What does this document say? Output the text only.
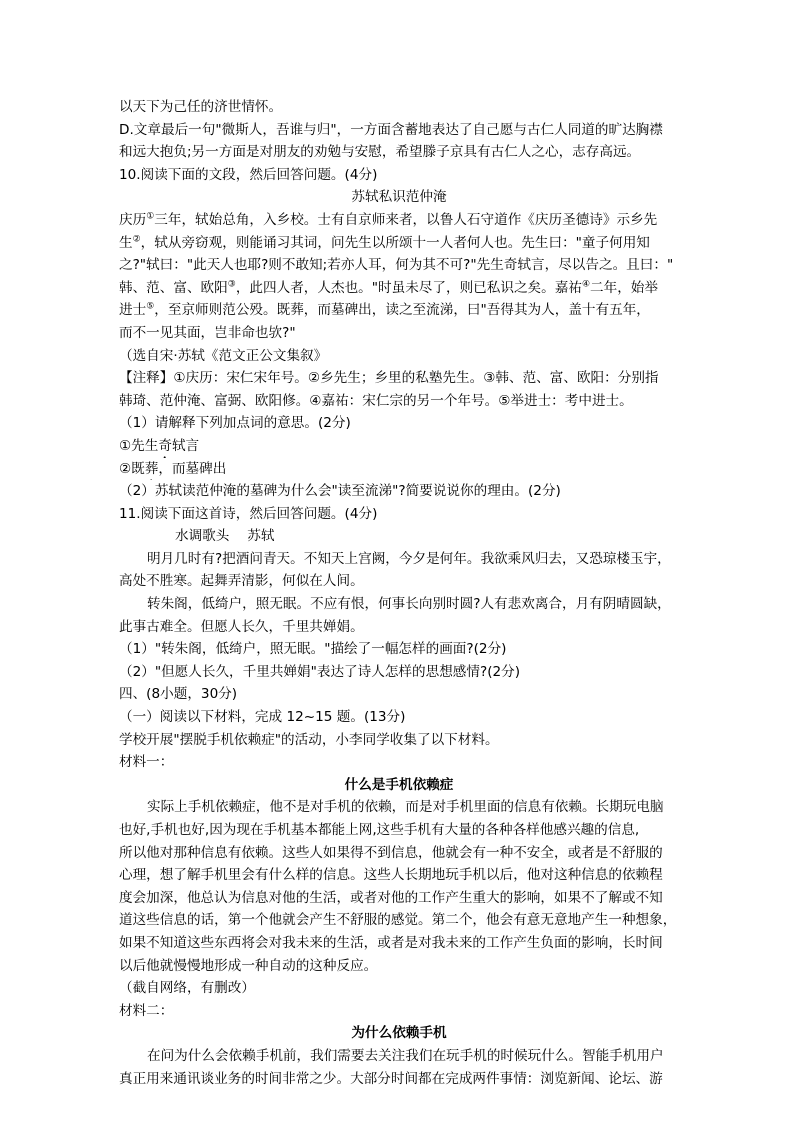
以天下为己任的济世情怀。
D.文章最后一句"微斯人，吾谁与归"，一方面含蓄地表达了自己愿与古仁人同道的旷达胸襟
和远大抱负;另一方面是对朋友的劝勉与安慰，希望滕子京具有古仁人之心，志存高远。
10.阅读下面的文段，然后回答问题。(4分)
苏轼私识范仲淹
庆历①三年，轼始总角，入乡校。士有自京师来者，以鲁人石守道作《庆历圣德诗》示乡先
生②，轼从旁窃观，则能诵习其词，问先生以所颂十一人者何人也。先生曰："童子何用知
之?"轼曰："此天人也耶?则不敢知;若亦人耳，何为其不可?"先生奇轼言，尽以告之。且曰："
韩、范、富、欧阳③，此四人者，人杰也。"时虽未尽了，则已私识之矣。嘉祐④二年，始举
进士⑤，至京师则范公殁。既葬，而墓碑出，读之至流涕，曰"吾得其为人，盖十有五年，
而不一见其面，岂非命也欤?"
（选自宋·苏轼《范文正公文集叙》
【注释】①庆历：宋仁宋年号。②乡先生；乡里的私塾先生。③韩、范、富、欧阳：分别指
韩琦、范仲淹、富弼、欧阳修。④嘉祐：宋仁宗的另一个年号。⑤举进士：考中进士。
（1）请解释下列加点词的意思。(2分)
①先生奇轼言
②既葬，而墓碑出
（2）苏轼读范仲淹的墓碑为什么会"读至流涕"?简要说说你的理由。(2分)
11.阅读下面这首诗，然后回答问题。(4分)
水调歌头　 苏轼
明月几时有?把酒问青天。不知天上宫阙，今夕是何年。我欲乘风归去，又恐琼楼玉宇，
高处不胜寒。起舞弄清影，何似在人间。
转朱阁，低绮户，照无眠。不应有恨，何事长向别时圆?人有悲欢离合，月有阴晴圆缺，
此事古难全。但愿人长久，千里共婵娟。
（1）"转朱阁，低绮户，照无眠。"描绘了一幅怎样的画面?(2分)
（2）"但愿人长久，千里共婵娟"表达了诗人怎样的思想感情?(2分)
四、(8小题，30分)
（一）阅读以下材料，完成 12~15 题。(13分)
学校开展"摆脱手机依赖症"的活动，小李同学收集了以下材料。
材料一：
什么是手机依赖症
实际上手机依赖症，他不是对手机的依赖，而是对手机里面的信息有依赖。长期玩电脑
也好,手机也好,因为现在手机基本都能上网,这些手机有大量的各种各样他感兴趣的信息,
所以他对那种信息有依赖。这些人如果得不到信息，他就会有一种不安全，或者是不舒服的
心理，想了解手机里会有什么样的信息。这些人长期地玩手机以后，他对这种信息的依赖程
度会加深，他总认为信息对他的生活，或者对他的工作产生重大的影响，如果不了解或不知
道这些信息的话，第一个他就会产生不舒服的感觉。第二个，他会有意无意地产生一种想象，
如果不知道这些东西将会对我未来的生活，或者是对我未来的工作产生负面的影响，长时间
以后他就慢慢地形成一种自动的这种反应。
（截自网络，有删改）
材料二：
为什么依赖手机
在问为什么会依赖手机前，我们需要去关注我们在玩手机的时候玩什么。智能手机用户
真正用来通讯谈业务的时间非常之少。大部分时间都在完成两件事情：浏览新闻、论坛、游
